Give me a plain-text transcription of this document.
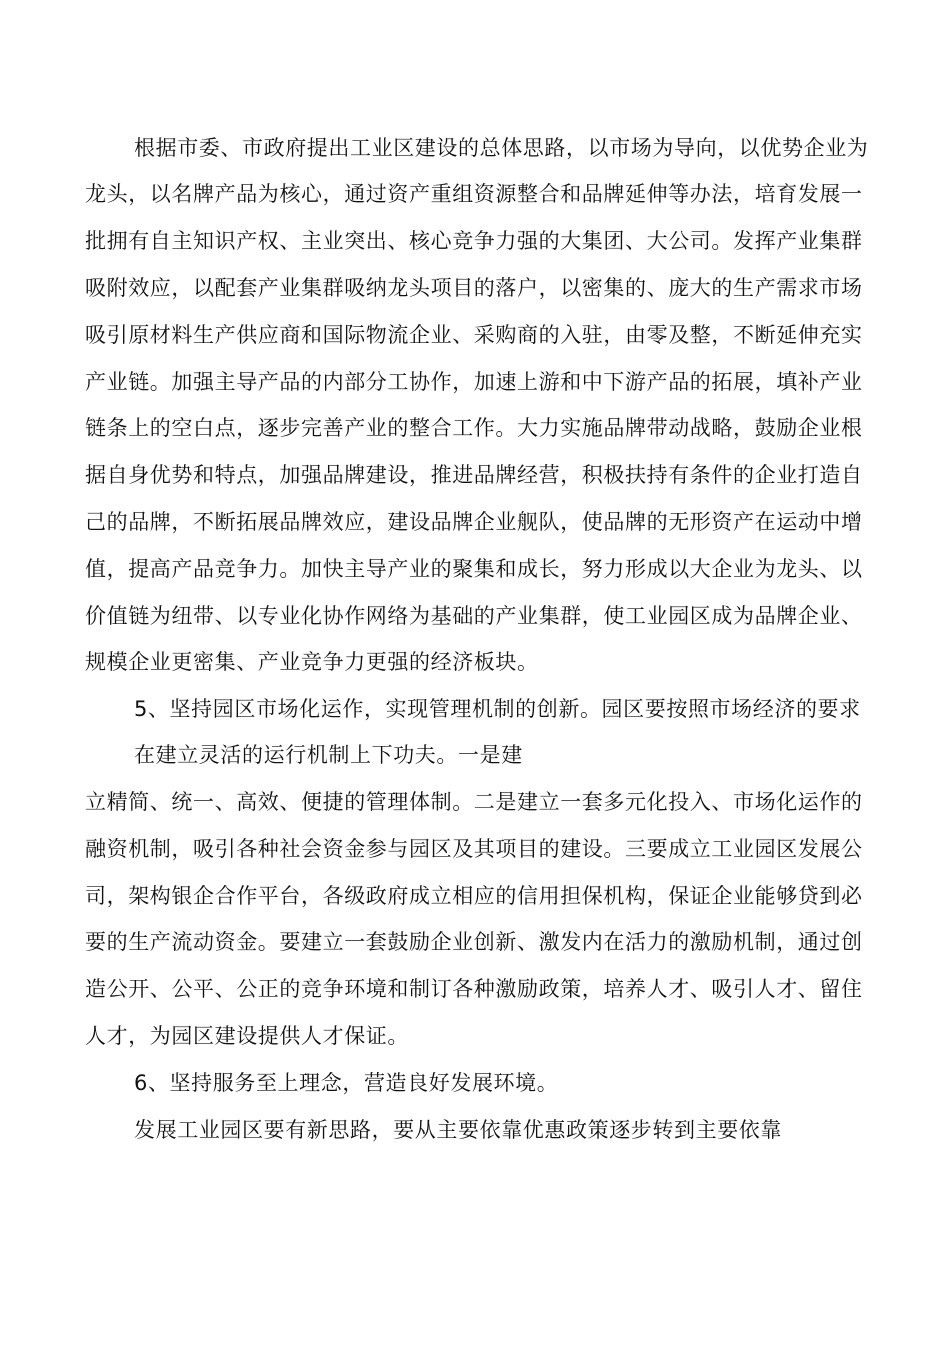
根据市委、市政府提出工业区建设的总体思路，以市场为导向，以优势企业为
龙头，以名牌产品为核心，通过资产重组资源整合和品牌延伸等办法，培育发展一
批拥有自主知识产权、主业突出、核心竞争力强的大集团、大公司。发挥产业集群
吸附效应，以配套产业集群吸纳龙头项目的落户，以密集的、庞大的生产需求市场
吸引原材料生产供应商和国际物流企业、采购商的入驻，由零及整，不断延伸充实
产业链。加强主导产品的内部分工协作，加速上游和中下游产品的拓展，填补产业
链条上的空白点，逐步完善产业的整合工作。大力实施品牌带动战略，鼓励企业根
据自身优势和特点，加强品牌建设，推进品牌经营，积极扶持有条件的企业打造自
己的品牌，不断拓展品牌效应，建设品牌企业舰队，使品牌的无形资产在运动中增
值，提高产品竞争力。加快主导产业的聚集和成长，努力形成以大企业为龙头、以
价值链为纽带、以专业化协作网络为基础的产业集群，使工业园区成为品牌企业、
规模企业更密集、产业竞争力更强的经济板块。
5、坚持园区市场化运作，实现管理机制的创新。园区要按照市场经济的要求
在建立灵活的运行机制上下功夫。一是建
立精简、统一、高效、便捷的管理体制。二是建立一套多元化投入、市场化运作的
融资机制，吸引各种社会资金参与园区及其项目的建设。三要成立工业园区发展公
司，架构银企合作平台，各级政府成立相应的信用担保机构，保证企业能够贷到必
要的生产流动资金。要建立一套鼓励企业创新、激发内在活力的激励机制，通过创
造公开、公平、公正的竞争环境和制订各种激励政策，培养人才、吸引人才、留住
人才，为园区建设提供人才保证。
6、坚持服务至上理念，营造良好发展环境。
发展工业园区要有新思路，要从主要依靠优惠政策逐步转到主要依靠
